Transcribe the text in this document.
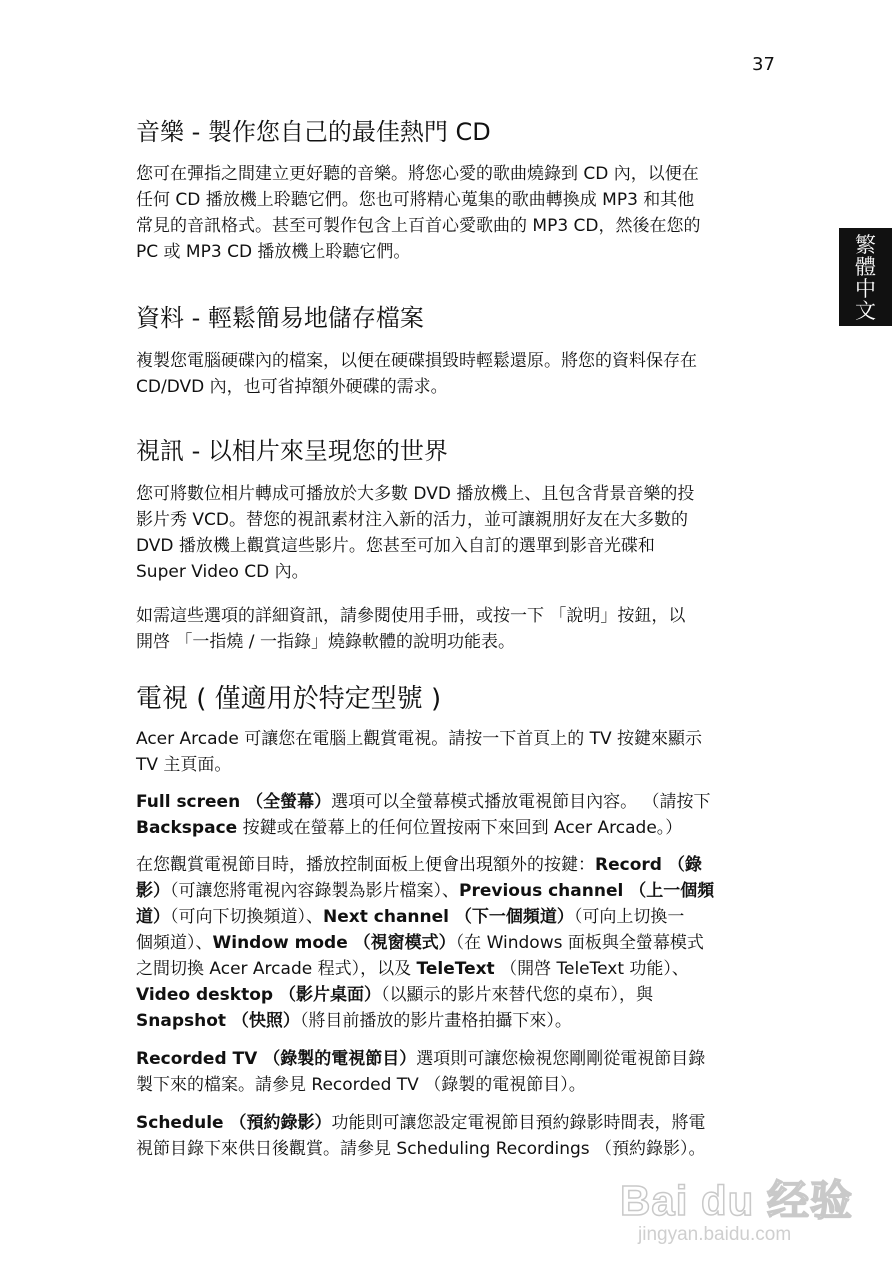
37
繁
體
中
文
音樂 - 製作您自己的最佳熱門 CD
您可在彈指之間建立更好聽的音樂。將您心愛的歌曲燒錄到 CD 內，以便在
任何 CD 播放機上聆聽它們。您也可將精心蒐集的歌曲轉換成 MP3 和其他
常見的音訊格式。甚至可製作包含上百首心愛歌曲的 MP3 CD，然後在您的
PC 或 MP3 CD 播放機上聆聽它們。
資料 - 輕鬆簡易地儲存檔案
複製您電腦硬碟內的檔案，以便在硬碟損毀時輕鬆還原。將您的資料保存在
CD/DVD 內，也可省掉額外硬碟的需求。
視訊 - 以相片來呈現您的世界
您可將數位相片轉成可播放於大多數 DVD 播放機上、且包含背景音樂的投
影片秀 VCD。替您的視訊素材注入新的活力，並可讓親朋好友在大多數的
DVD 播放機上觀賞這些影片。您甚至可加入自訂的選單到影音光碟和
Super Video CD 內。
如需這些選項的詳細資訊，請參閱使用手冊，或按一下 「說明」按鈕，以
開啓 「一指燒 / 一指錄」燒錄軟體的說明功能表。
電視 ( 僅適用於特定型號 )
Acer Arcade 可讓您在電腦上觀賞電視。請按一下首頁上的 TV 按鍵來顯示
TV 主頁面。
Full screen （全螢幕）選項可以全螢幕模式播放電視節目內容。 （請按下
Backspace 按鍵或在螢幕上的任何位置按兩下來回到 Acer Arcade。）
在您觀賞電視節目時，播放控制面板上便會出現額外的按鍵：Record （錄
影）（可讓您將電視內容錄製為影片檔案）、Previous channel （上一個頻
道）（可向下切換頻道）、Next channel （下一個頻道）（可向上切換一
個頻道）、Window mode （視窗模式）（在 Windows 面板與全螢幕模式
之間切換 Acer Arcade 程式），以及 TeleText （開啓 TeleText 功能）、
Video desktop （影片桌面）（以顯示的影片來替代您的桌布），與
Snapshot （快照）（將目前播放的影片畫格拍攝下來）。
Recorded TV （錄製的電視節目）選項則可讓您檢視您剛剛從電視節目錄
製下來的檔案。請參見 Recorded TV （錄製的電視節目）。
Schedule （預約錄影）功能則可讓您設定電視節目預約錄影時間表，將電
視節目錄下來供日後觀賞。請參見 Scheduling Recordings （預約錄影）。
Bai du 经验
jingyan.baidu.com
